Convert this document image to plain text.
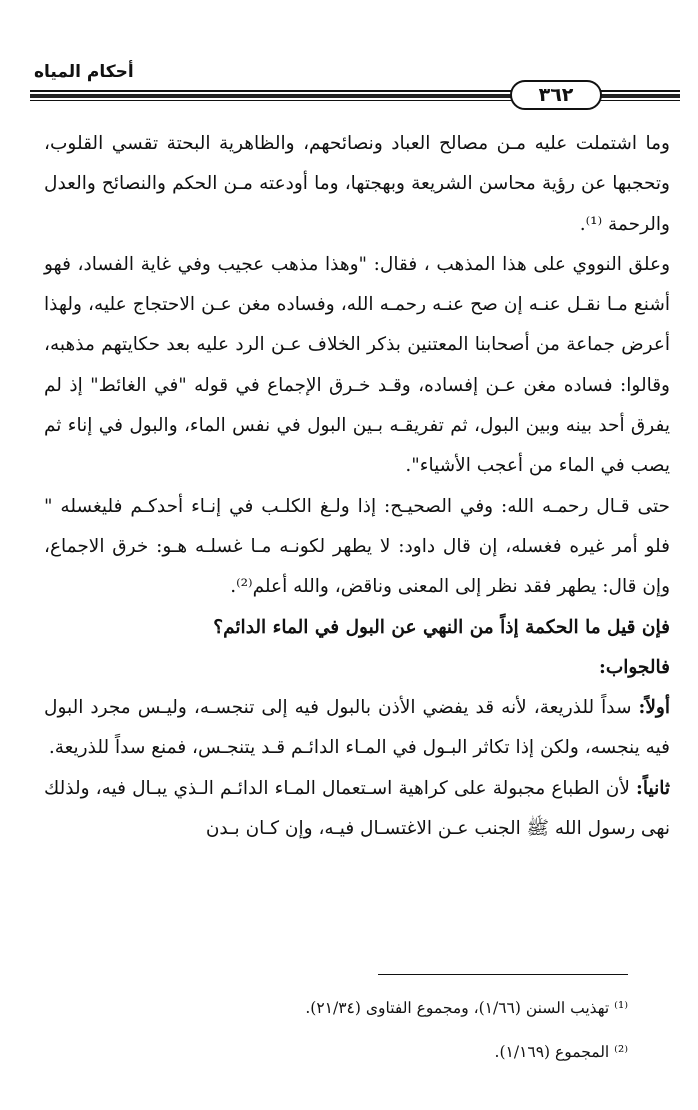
أحكام المياه
٣٦٢

وما اشتملت عليه مـن مصالح العباد ونصائحهم، والظاهرية البحتة تقسي القلوب، وتحجبها عن رؤية محاسن الشريعة وبهجتها، وما أودعته مـن الحكم والنصائح والعدل والرحمة ⁽¹⁾.

وعلق النووي على هذا المذهب ، فقال: "وهذا مذهب عجيب وفي غاية الفساد، فهو أشنع مـا نقـل عنـه إن صح عنـه رحمـه الله، وفساده مغن عـن الاحتجاج عليه، ولهذا أعرض جماعة من أصحابنا المعتنين بذكر الخلاف عـن الرد عليه بعد حكايتهم مذهبه، وقالوا: فساده مغن عـن إفساده، وقـد خـرق الإجماع في قوله "في الغائط" إذ لم يفرق أحد بينه وبين البول، ثم تفريقـه بـين البول في نفس الماء، والبول في إناء ثم يصب في الماء من أعجب الأشياء".

حتى قـال رحمـه الله: وفي الصحيـح: إذا ولـغ الكلـب في إنـاء أحدكـم فليغسله " فلو أمر غيره فغسله، إن قال داود: لا يطهر لكونـه مـا غسلـه هـو: خرق الاجماع، وإن قال: يطهر فقد نظر إلى المعنى وناقض، والله أعلم⁽²⁾.

فإن قيل ما الحكمة إذاً من النهي عن البول في الماء الدائم؟

فالجواب:

أولاً: سداً للذريعة، لأنه قد يفضي الأذن بالبول فيه إلى تنجسـه، وليـس مجرد البول فيه ينجسه، ولكن إذا تكاثر البـول في المـاء الدائـم قـد يتنجـس، فمنع سداً للذريعة.

ثانياً: لأن الطباع مجبولة على كراهية اسـتعمال المـاء الدائـم الـذي يبـال فيه، ولذلك نهى رسول الله ﷺ الجنب عـن الاغتسـال فيـه، وإن كـان بـدن

⁽¹⁾ تهذيب السنن (١/٦٦)، ومجموع الفتاوى (٢١/٣٤).

⁽²⁾ المجموع (١/١٦٩).
